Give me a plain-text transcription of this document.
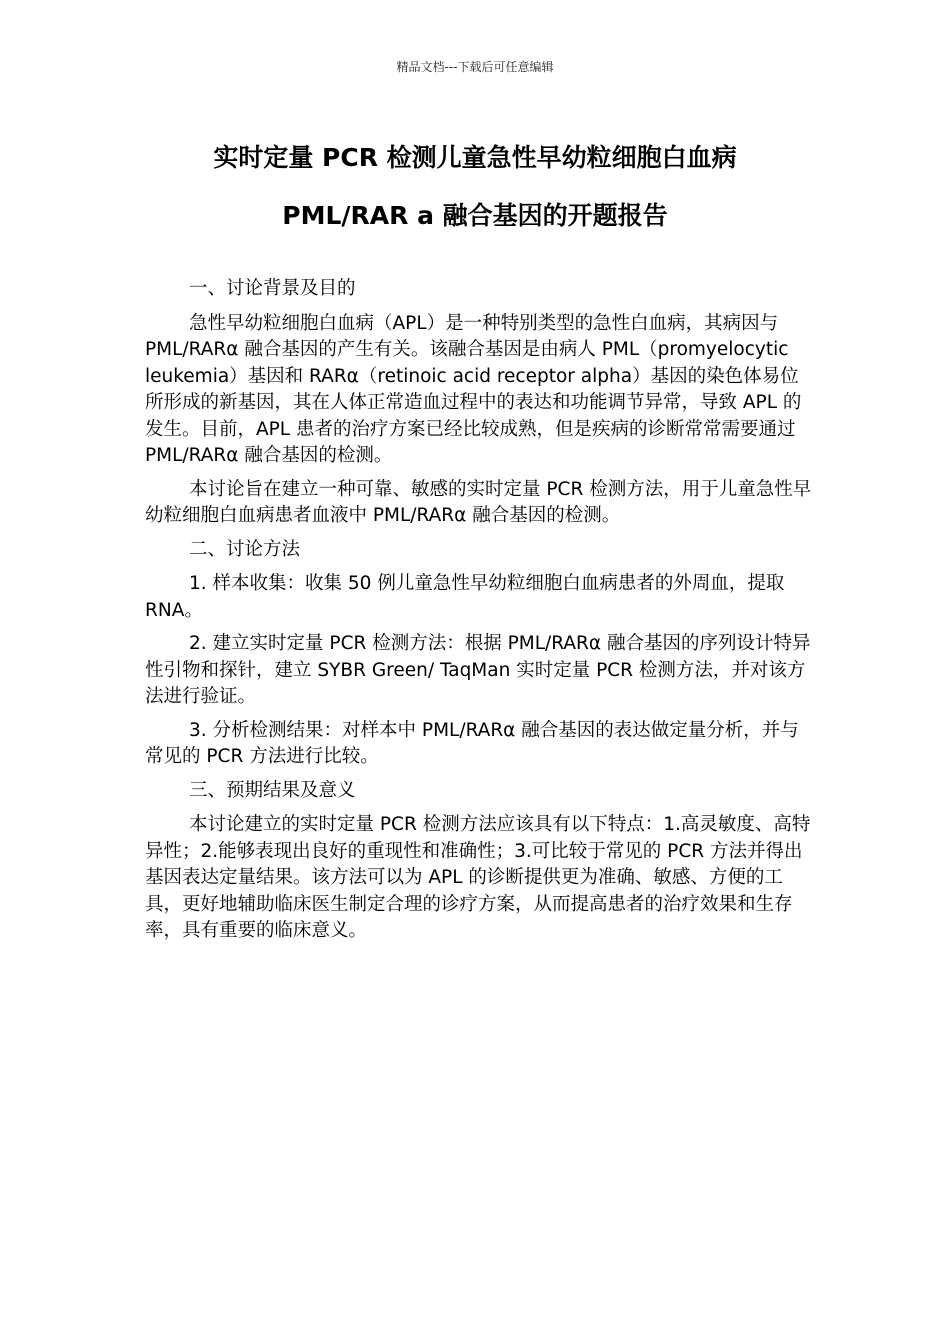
精品文档---下载后可任意编辑
实时定量 PCR 检测儿童急性早幼粒细胞白血病
PML/RAR a 融合基因的开题报告

一、讨论背景及目的

急性早幼粒细胞白血病（APL）是一种特别类型的急性白血病，其病因与 PML/RARα 融合基因的产生有关。该融合基因是由病人 PML（promyelocytic leukemia）基因和 RARα（retinoic acid receptor alpha）基因的染色体易位所形成的新基因，其在人体正常造血过程中的表达和功能调节异常，导致 APL 的发生。目前，APL 患者的治疗方案已经比较成熟，但是疾病的诊断常常需要通过 PML/RARα 融合基因的检测。

本讨论旨在建立一种可靠、敏感的实时定量 PCR 检测方法，用于儿童急性早幼粒细胞白血病患者血液中 PML/RARα 融合基因的检测。

二、讨论方法

1. 样本收集：收集 50 例儿童急性早幼粒细胞白血病患者的外周血，提取 RNA。

2. 建立实时定量 PCR 检测方法：根据 PML/RARα 融合基因的序列设计特异性引物和探针，建立 SYBR Green/ TaqMan 实时定量 PCR 检测方法，并对该方法进行验证。

3. 分析检测结果：对样本中 PML/RARα 融合基因的表达做定量分析，并与常见的 PCR 方法进行比较。

三、预期结果及意义

本讨论建立的实时定量 PCR 检测方法应该具有以下特点：1.高灵敏度、高特异性；2.能够表现出良好的重现性和准确性；3.可比较于常见的 PCR 方法并得出基因表达定量结果。该方法可以为 APL 的诊断提供更为准确、敏感、方便的工具，更好地辅助临床医生制定合理的诊疗方案，从而提高患者的治疗效果和生存率，具有重要的临床意义。
